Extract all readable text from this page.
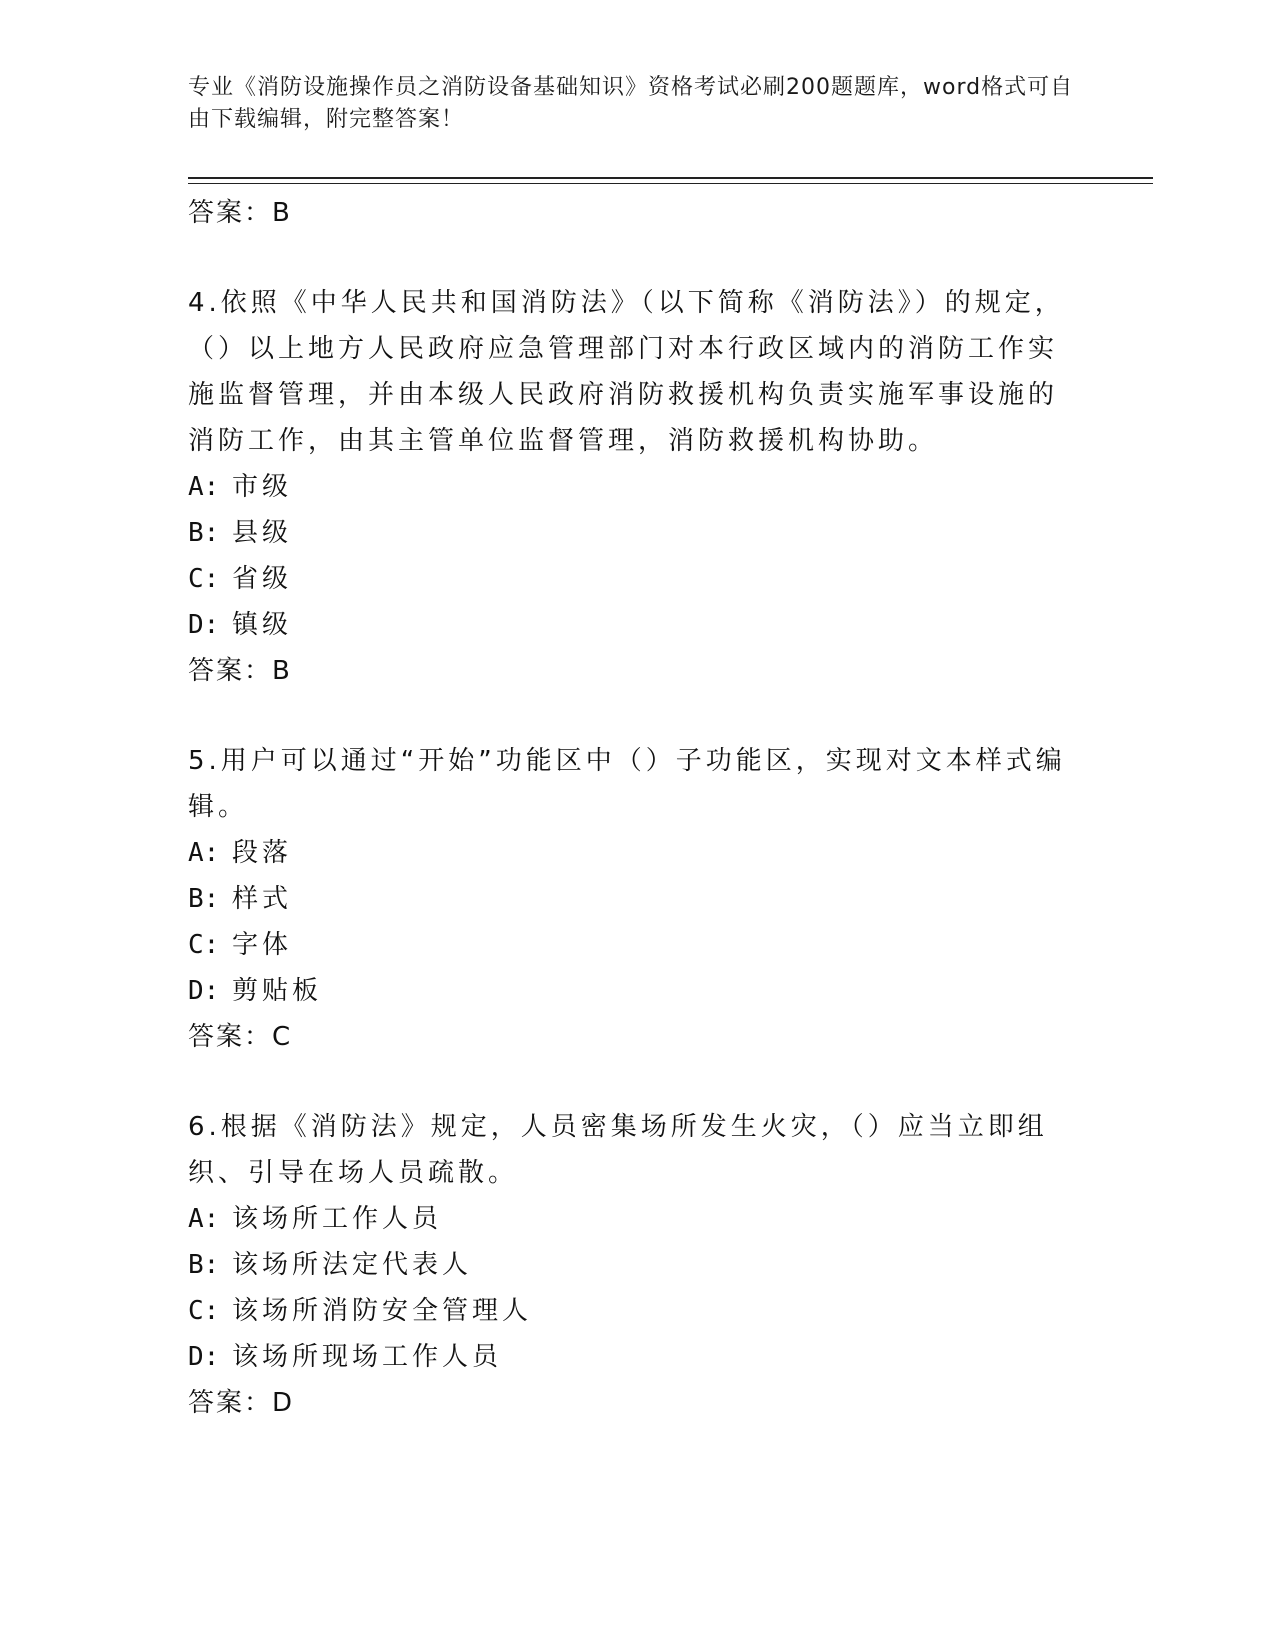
专业《消防设施操作员之消防设备基础知识》资格考试必刷200题题库，word格式可自由下载编辑，附完整答案！
答案：B
4.依照《中华人民共和国消防法》（以下简称《消防法》）的规定，（）以上地方人民政府应急管理部门对本行政区域内的消防工作实施监督管理，并由本级人民政府消防救援机构负责实施军事设施的消防工作，由其主管单位监督管理，消防救援机构协助。
A: 市级
B: 县级
C: 省级
D: 镇级
答案：B
5.用户可以通过“开始”功能区中（）子功能区，实现对文本样式编辑。
A: 段落
B: 样式
C: 字体
D: 剪贴板
答案：C
6.根据《消防法》规定，人员密集场所发生火灾，（）应当立即组织、引导在场人员疏散。
A: 该场所工作人员
B: 该场所法定代表人
C: 该场所消防安全管理人
D: 该场所现场工作人员
答案：D
